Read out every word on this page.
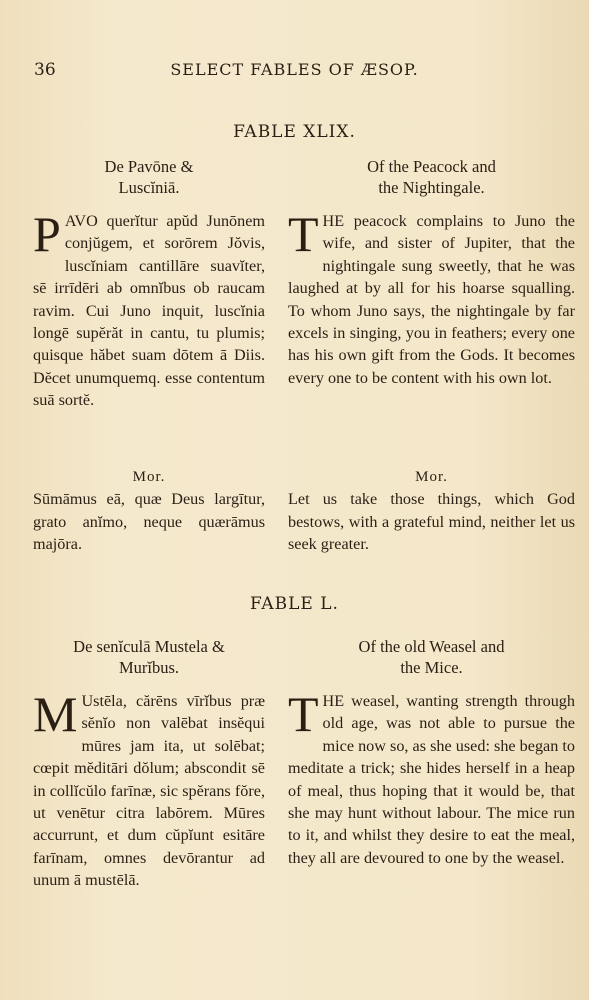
36	SELECT FABLES OF ÆSOP.
FABLE XLIX.
De Pavōne &
Luscĭniā.
P AVO querĭtur apŭd Junōnem conjŭgem, et sorōrem Jŏvis, luscĭniam cantillāre suavĭter, sē irrīdēri ab omnĭbus ob raucam ravim. Cui Juno inquit, luscĭnia longē supĕrăt in cantu, tu plumis; quisque hăbet suam dōtem ā Diis. Dĕcet unumquemq. esse contentum suā sortĕ.
Of the Peacock and
the Nightingale.
T HE peacock complains to Juno the wife, and sister of Jupiter, that the nightingale sung sweetly, that he was laughed at by all for his hoarse squalling. To whom Juno says, the nightingale by far excels in singing, you in feathers; every one has his own gift from the Gods. It becomes every one to be content with his own lot.
Mor.
Sūmāmus eā, quæ Deus largītur, grato anĭmo, neque quærāmus majōra.
Mor.
Let us take those things, which God bestows, with a grateful mind, neither let us seek greater.
FABLE L.
De senĭculā Mustela &
Murĭbus.
M Ustēla, cărēns vīrĭbus præ sĕnĭo non valēbat insĕqui mūres jam ita, ut solēbat; cœpit mĕditāri dŏlum; abscondit sē in collĭcŭlo farīnæ, sic spĕrans fŏre, ut venētur citra labōrem. Mūres accurrunt, et dum cŭpĭunt esitāre farīnam, omnes devōrantur ad unum ā mustēlā.
Of the old Weasel and
the Mice.
T HE weasel, wanting strength through old age, was not able to pursue the mice now so, as she used: she began to meditate a trick; she hides herself in a heap of meal, thus hoping that it would be, that she may hunt without labour. The mice run to it, and whilst they desire to eat the meal, they all are devoured to one by the weasel.
